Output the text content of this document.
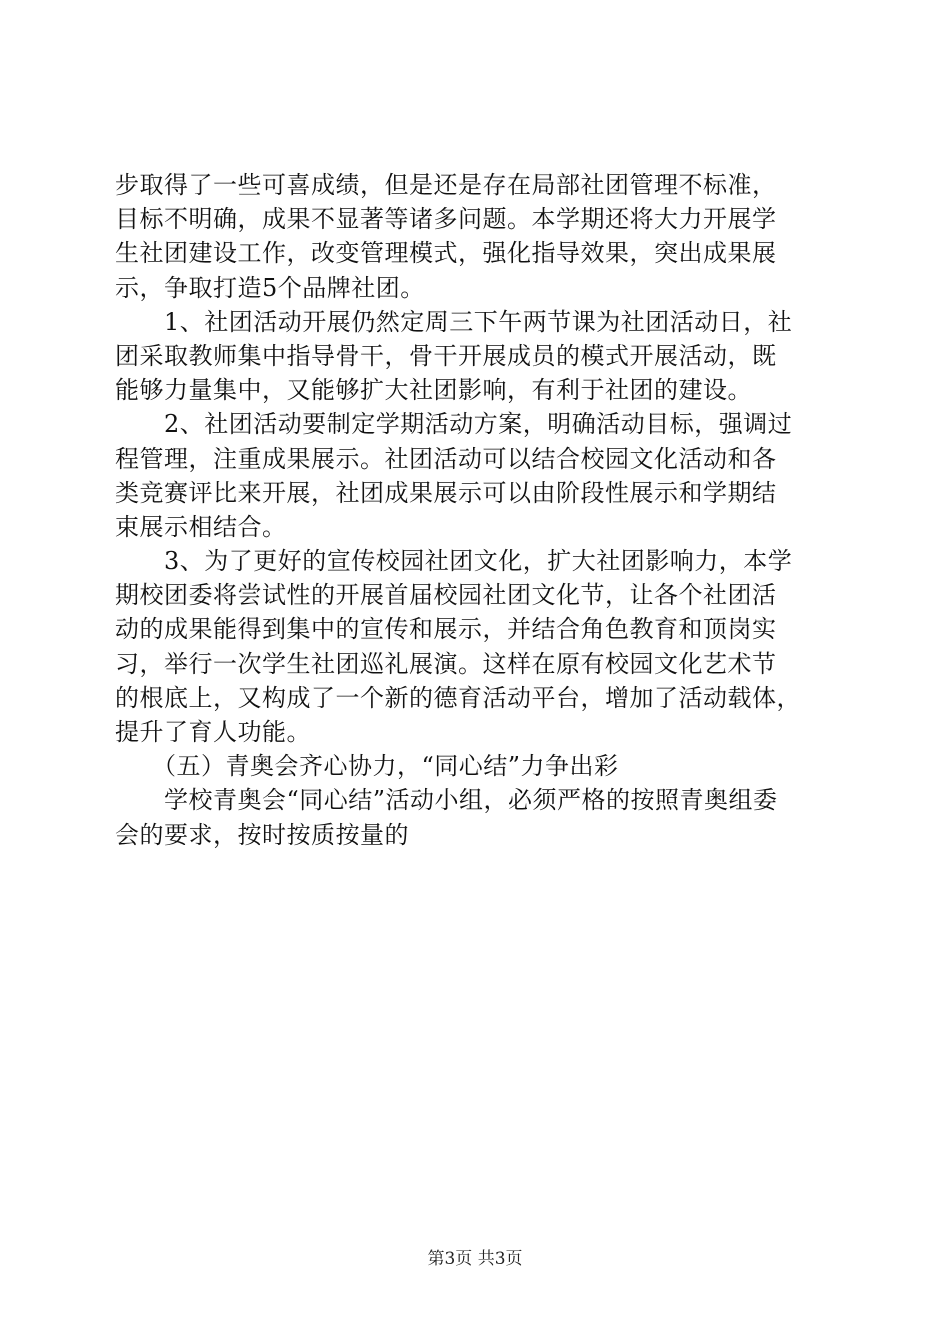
步取得了一些可喜成绩，但是还是存在局部社团管理不标准，
目标不明确，成果不显著等诸多问题。本学期还将大力开展学
生社团建设工作，改变管理模式，强化指导效果，突出成果展
示，争取打造5个品牌社团。
　　1、社团活动开展仍然定周三下午两节课为社团活动日，社
团采取教师集中指导骨干，骨干开展成员的模式开展活动，既
能够力量集中，又能够扩大社团影响，有利于社团的建设。
　　2、社团活动要制定学期活动方案，明确活动目标，强调过
程管理，注重成果展示。社团活动可以结合校园文化活动和各
类竞赛评比来开展，社团成果展示可以由阶段性展示和学期结
束展示相结合。
　　3、为了更好的宣传校园社团文化，扩大社团影响力，本学
期校团委将尝试性的开展首届校园社团文化节，让各个社团活
动的成果能得到集中的宣传和展示，并结合角色教育和顶岗实
习，举行一次学生社团巡礼展演。这样在原有校园文化艺术节
的根底上，又构成了一个新的德育活动平台，增加了活动载体，
提升了育人功能。
　　（五）青奥会齐心协力，“同心结”力争出彩
　　学校青奥会“同心结”活动小组，必须严格的按照青奥组委
会的要求，按时按质按量的
第3页 共3页
